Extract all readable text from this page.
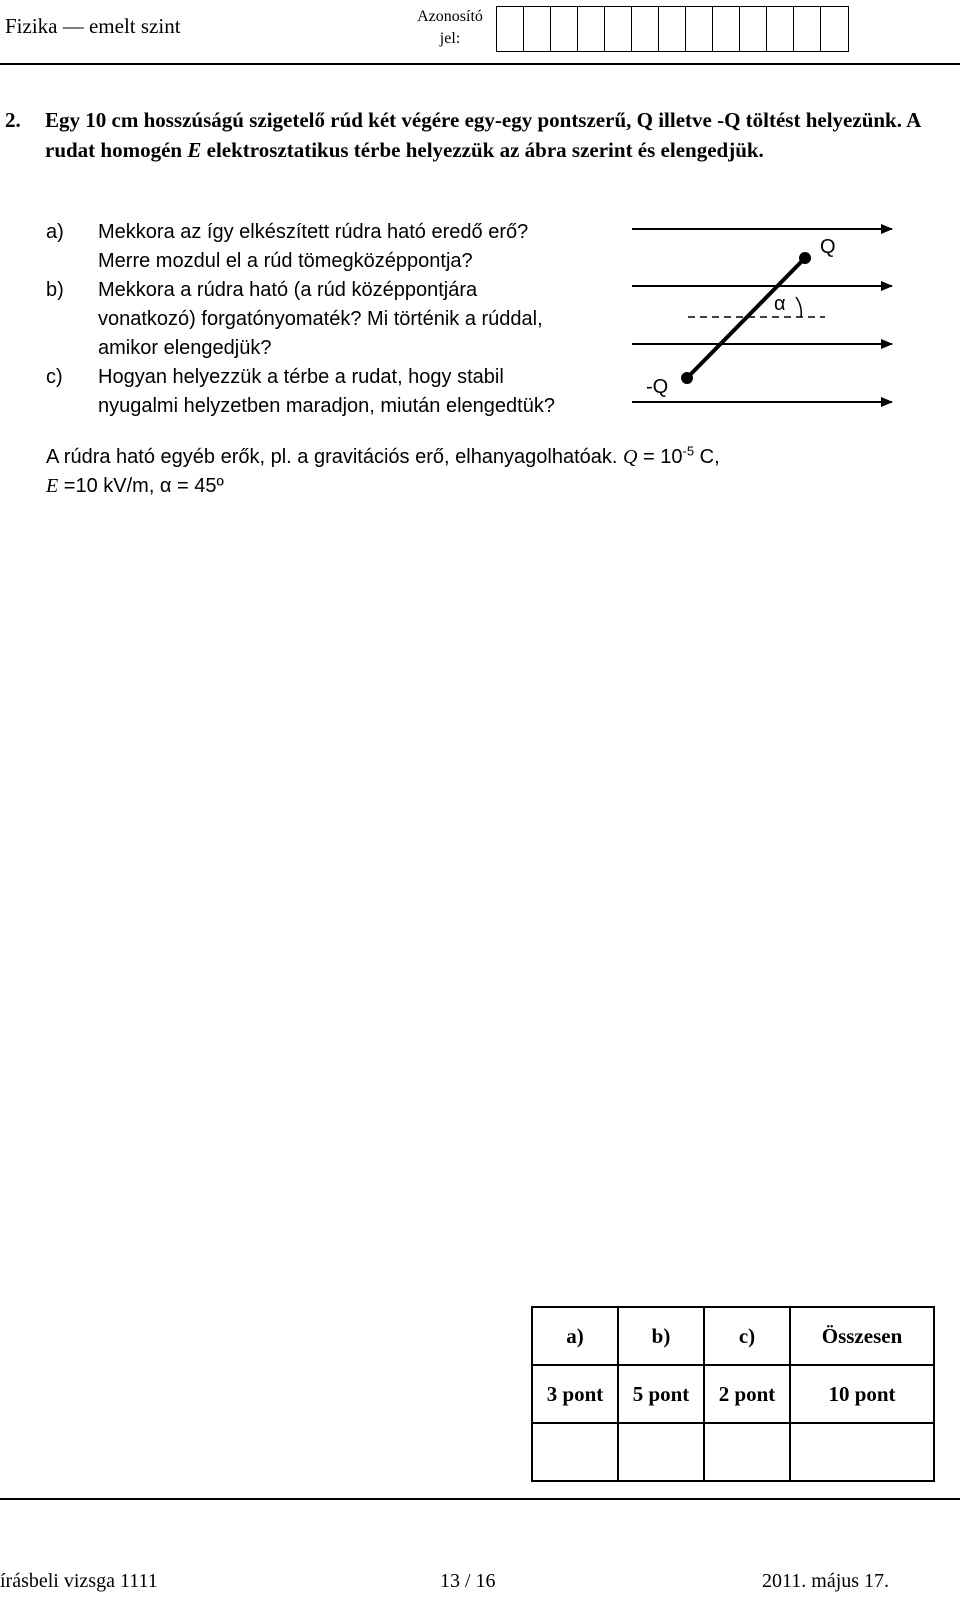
Fizika — emelt szint	Azonosító
jel:
2. Egy 10 cm hosszúságú szigetelő rúd két végére egy-egy pontszerű, Q illetve -Q töltést helyezünk. A rudat homogén E elektrosztatikus térbe helyezzük az ábra szerint és elengedjük.
a) Mekkora az így elkészített rúdra ható eredő erő?
Merre mozdul el a rúd tömegközéppontja?
b) Mekkora a rúdra ható (a rúd középpontjára
vonatkozó) forgatónyomaték? Mi történik a rúddal,
amikor elengedjük?
c) Hogyan helyezzük a térbe a rudat, hogy stabil
nyugalmi helyzetben maradjon, miután elengedtük?
Q
-Q
α
A rúdra ható egyéb erők, pl. a gravitációs erő, elhanyagolhatóak. $Q = 10^{-5}$ C,
E =10 kV/m, α = 45º
a)	b)	c)	Összesen
3 pont	5 pont	2 pont	10 pont

írásbeli vizsga 1111	13 / 16	2011. május 17.
